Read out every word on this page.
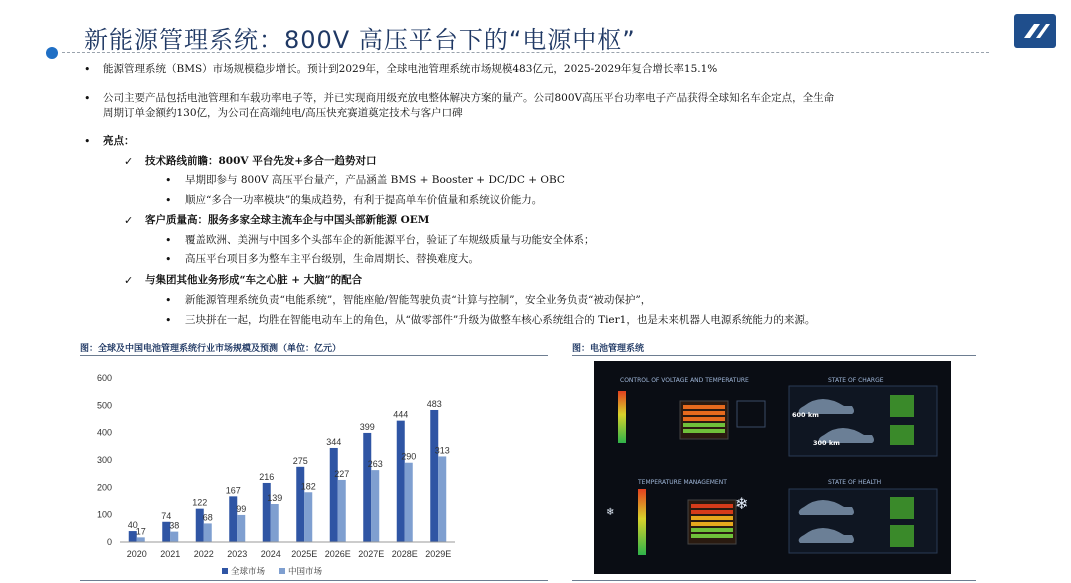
新能源管理系统：800V 高压平台下的“电源中枢”
• 能源管理系统（BMS）市场规模稳步增长。预计到2029年，全球电池管理系统市场规模483亿元，2025-2029年复合增长率15.1%
• 公司主要产品包括电池管理和车载功率电子等，并已实现商用级充放电整体解决方案的量产。公司800V高压平台功率电子产品获得全球知名车企定点，全生命
周期订单金额约130亿，为公司在高端纯电/高压快充赛道奠定技术与客户口碑
• 亮点：
✓ 技术路线前瞻：800V 平台先发+多合一趋势对口
• 早期即参与 800V 高压平台量产，产品涵盖 BMS + Booster + DC/DC + OBC
• 顺应“多合一功率模块”的集成趋势，有利于提高单车价值量和系统议价能力。
✓ 客户质量高：服务多家全球主流车企与中国头部新能源 OEM
• 覆盖欧洲、美洲与中国多个头部车企的新能源平台，验证了车规级质量与功能安全体系；
• 高压平台项目多为整车主平台级别，生命周期长、替换难度大。
✓ 与集团其他业务形成“车之心脏 + 大脑”的配合
• 新能源管理系统负责“电能系统”，智能座舱/智能驾驶负责“计算与控制”，安全业务负责“被动保护”，
• 三块拼在一起，均胜在智能电动车上的角色，从“做零部件”升级为做整车核心系统组合的 Tier1，也是未来机器人电源系统能力的来源。
图：全球及中国电池管理系统行业市场规模及预测（单位：亿元）	图：电池管理系统
0
100
200
300
400
500
600
40
17
74
38
122
68
167
99
216
139
275
182
344
227
399
263
444
290
483
313
2020 2021 2022 2023 2024 2025E 2026E 2027E 2028E 2029E
全球市场	中国市场
CONTROL OF VOLTAGE AND TEMPERATURE	STATE OF CHARGE
600 km
300 km
TEMPERATURE MANAGEMENT
❄
❄
STATE OF HEALTH
